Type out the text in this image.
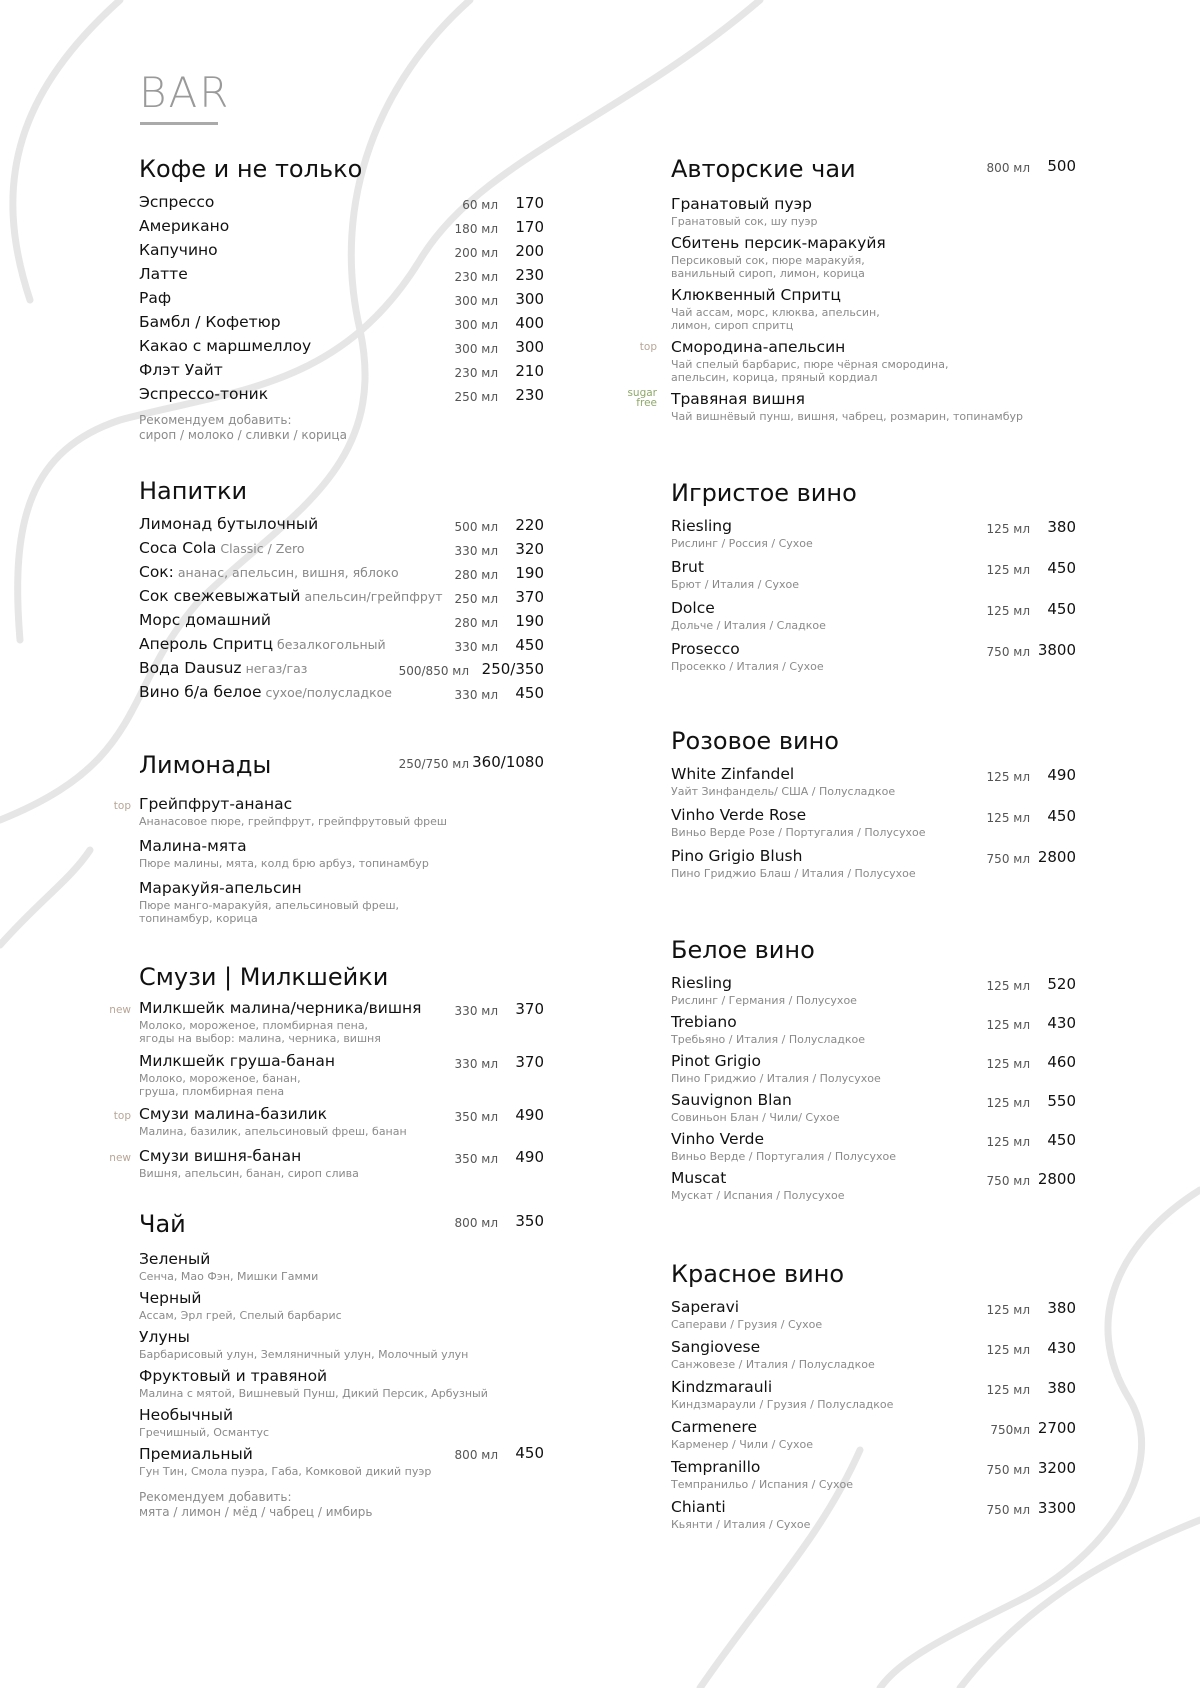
BAR
Кофе и не только
Эспрессо	60 мл 170
Американо	180 мл 170
Капучино	200 мл 200
Латте	230 мл 230
Раф	300 мл 300
Бамбл / Кофетюр	300 мл 400
Какао с маршмеллоу	300 мл 300
Флэт Уайт	230 мл 210
Эспрессо-тоник	250 мл 230
Рекомендуем добавить:
сироп / молоко / сливки / корица
Напитки
Лимонад бутылочный	500 мл 220
Coca Cola Classic / Zero	330 мл 320
Сок: ананас, апельсин, вишня, яблоко	280 мл 190
Сок свежевыжатый апельсин/грейпфрут 250 мл 370
Морс домашний	280 мл 190
Апероль Спритц безалкогольный	330 мл 450
Вода Dausuz негаз/газ	500/850 мл 250/350
Вино б/а белое сухое/полусладкое	330 мл 450
Лимонады	250/750 мл 360/1080
top Грейпфрут-ананас
Ананасовое пюре, грейпфрут, грейпфрутовый фреш
Малина-мята
Пюре малины, мята, колд брю арбуз, топинамбур
Маракуйя-апельсин
Пюре манго-маракуйя, апельсиновый фреш,
топинамбур, корица
Смузи | Милкшейки
new Милкшейк малина/черника/вишня	330 мл 370
Молоко, мороженое, пломбирная пена,
ягоды на выбор: малина, черника, вишня
Милкшейк груша-банан	330 мл 370
Молоко, мороженое, банан,
груша, пломбирная пена
top Смузи малина-базилик	350 мл 490
Малина, базилик, апельсиновый фреш, банан
new Смузи вишня-банан	350 мл 490
Вишня, апельсин, банан, сироп слива
Чай	800 мл 350
Зеленый
Сенча, Мао Фэн, Мишки Гамми
Черный
Ассам, Эрл грей, Спелый барбарис
Улуны
Барбарисовый улун, Земляничный улун, Молочный улун
Фруктовый и травяной
Малина с мятой, Вишневый Пунш, Дикий Персик, Арбузный
Необычный
Гречишный, Османтус
Премиальный	800 мл 450
Гун Тин, Смола пуэра, Габа, Комковой дикий пуэр
Рекомендуем добавить:
мята / лимон / мёд / чабрец / имбирь
Авторские чаи	800 мл 500
Гранатовый пуэр
Гранатовый сок, шу пуэр
Сбитень персик-маракуйя
Персиковый сок, пюре маракуйя,
ванильный сироп, лимон, корица
Клюквенный Спритц
Чай ассам, морс, клюква, апельсин,
лимон, сироп спритц
top Смородина-апельсин
Чай спелый барбарис, пюре чёрная смородина,
апельсин, корица, пряный кордиал
sugar
free Травяная вишня
Чай вишнёвый пунш, вишня, чабрец, розмарин, топинамбур
Игристое вино
Riesling	125 мл 380
Рислинг / Россия / Сухое
Brut	125 мл 450
Брют / Италия / Сухое
Dolce	125 мл 450
Дольче / Италия / Сладкое
Prosecco	750 мл 3800
Просекко / Италия / Сухое
Розовое вино
White Zinfandel	125 мл 490
Уайт Зинфандель/ США / Полусладкое
Vinho Verde Rose	125 мл 450
Виньо Верде Розе / Португалия / Полусухое
Pino Grigio Blush	750 мл 2800
Пино Гриджио Блаш / Италия / Полусухое
Белое вино
Riesling	125 мл 520
Рислинг / Германия / Полусухое
Trebiano	125 мл 430
Требьяно / Италия / Полусладкое
Pinot Grigio	125 мл 460
Пино Гриджио / Италия / Полусухое
Sauvignon Blan	125 мл 550
Совиньон Блан / Чили/ Сухое
Vinho Verde	125 мл 450
Виньо Верде / Португалия / Полусухое
Muscat	750 мл 2800
Мускат / Испания / Полусухое
Красное вино
Saperavi	125 мл 380
Саперави / Грузия / Сухое
Sangiovese	125 мл 430
Санжовезе / Италия / Полусладкое
Kindzmarauli	125 мл 380
Киндзмараули / Грузия / Полусладкое
Carmenere	750мл 2700
Карменер / Чили / Сухое
Tempranillo	750 мл 3200
Темпранильо / Испания / Сухое
Chianti	750 мл 3300
Кьянти / Италия / Сухое
